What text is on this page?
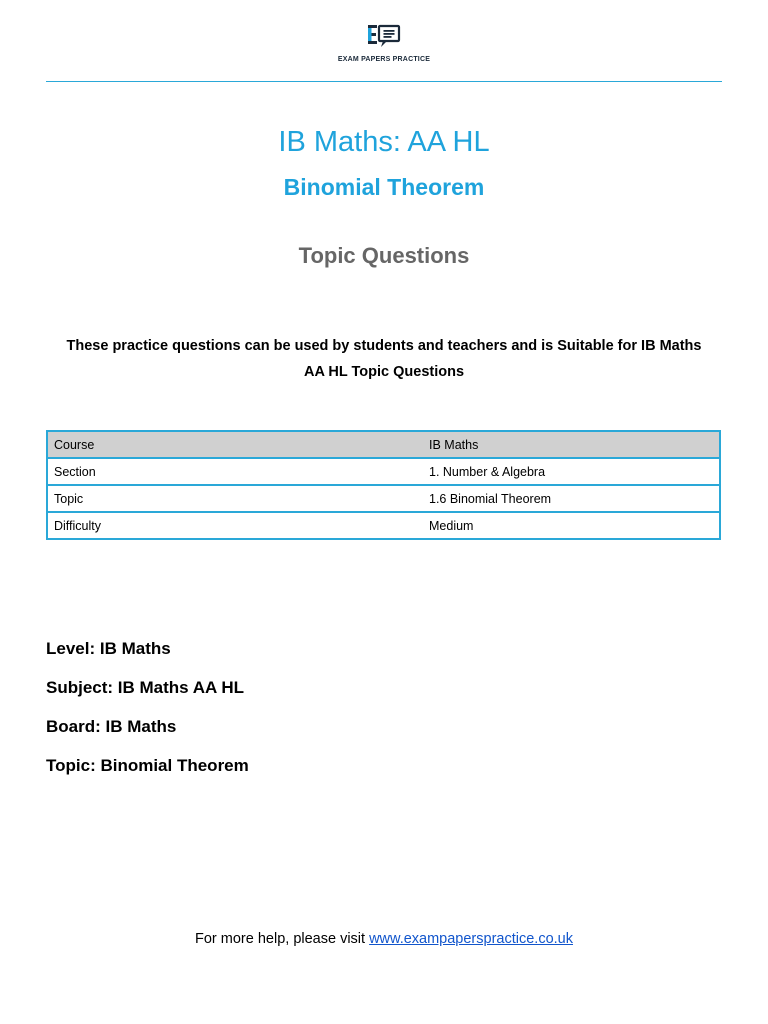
EXAM PAPERS PRACTICE
IB Maths: AA HL
Binomial Theorem
Topic Questions

These practice questions can be used by students and teachers and is Suitable for IB Maths AA HL Topic Questions

Course	IB Maths
Section	1. Number & Algebra
Topic	1.6 Binomial Theorem
Difficulty	Medium

Level: IB Maths

Subject: IB Maths AA HL

Board: IB Maths

Topic: Binomial Theorem

For more help, please visit www.exampaperspractice.co.uk
